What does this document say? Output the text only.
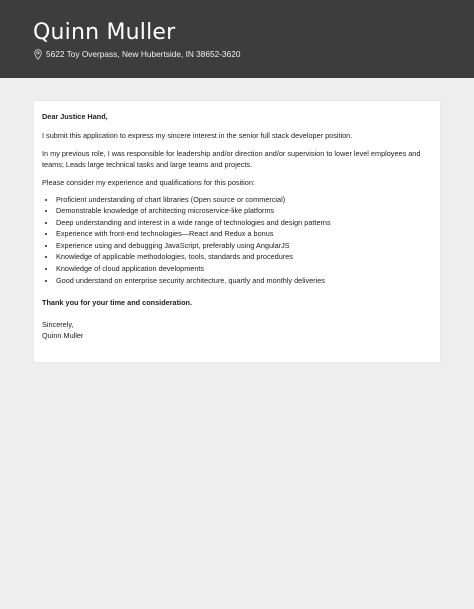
Quinn Muller
5622 Toy Overpass, New Hubertside, IN 38652-3620

Dear Justice Hand,

I submit this application to express my sincere interest in the senior full stack developer position.

In my previous role, I was responsible for leadership and/or direction and/or supervision to lower level employees and teams; Leads large technical tasks and large teams and projects.

Please consider my experience and qualifications for this position:

• Proficient understanding of chart libraries (Open source or commercial)
• Demonstrable knowledge of architecting microservice-like platforms
• Deep understanding and interest in a wide range of technologies and design patterns
• Experience with front-end technologies—React and Redux a bonus
• Experience using and debugging JavaScript, preferably using AngularJS
• Knowledge of applicable methodologies, tools, standards and procedures
• Knowledge of cloud application developments
• Good understand on enterprise security architecture, quartly and monthly deliveries

Thank you for your time and consideration.

Sincerely,

Quinn Muller
